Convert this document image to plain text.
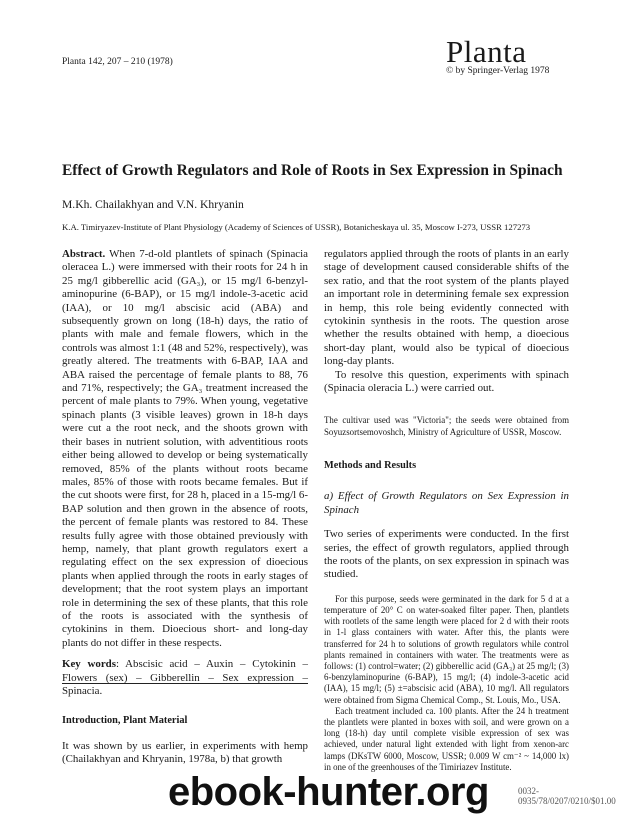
Planta 142, 207 – 210 (1978)	Planta
© by Springer-Verlag 1978
Effect of Growth Regulators and Role of Roots in Sex Expression in Spinach
M.Kh. Chailakhyan and V.N. Khryanin
K.A. Timiryazev-Institute of Plant Physiology (Academy of Sciences of USSR), Botanicheskaya ul. 35, Moscow I-273, USSR 127273

Abstract. When 7-d-old plantlets of spinach (Spinacia oleracea L.) were immersed with their roots for 24 h in 25 mg/l gibberellic acid (GA₃), or 15 mg/l 6-benzyl-aminopurine (6-BAP), or 15 mg/l indole-3-acetic acid (IAA), or 10 mg/l abscisic acid (ABA) and subsequently grown on long (18-h) days, the ratio of plants with male and female flowers, which in the controls was almost 1:1 (48 and 52%, respectively), was greatly altered. The treatments with 6-BAP, IAA and ABA raised the percentage of female plants to 88, 76 and 71%, respectively; the GA₃ treatment increased the percent of male plants to 79%. When young, vegetative spinach plants (3 visible leaves) grown in 18-h days were cut a the root neck, and the shoots grown with their bases in nutrient solution, with adventitious roots either being allowed to develop or being systematically removed, 85% of the plants without roots became males, 85% of those with roots became females. But if the cut shoots were first, for 28 h, placed in a 15-mg/l 6-BAP solution and then grown in the absence of roots, the percent of female plants was restored to 84. These results fully agree with those obtained previously with hemp, namely, that plant growth regulators exert a regulating effect on the sex expression of dioecious plants when applied through the roots in early stages of development; that the root system plays an important role in determining the sex of these plants, that this role of the roots is associated with the synthesis of cytokinins in them. Dioecious short- and long-day plants do not differ in these respects.

Key words: Abscisic acid – Auxin – Cytokinin – Flowers (sex) – Gibberellin – Sex expression – Spinacia.

Introduction, Plant Material
It was shown by us earlier, in experiments with hemp (Chailakhyan and Khryanin, 1978a, b) that growth

regulators applied through the roots of plants in an early stage of development caused considerable shifts of the sex ratio, and that the root system of the plants played an important role in determining female sex expression in hemp, this role being evidently connected with cytokinin synthesis in the roots. The question arose whether the results obtained with hemp, a dioecious short-day plant, would also be typical of dioecious long-day plants.

To resolve this question, experiments with spinach (Spinacia oleracia L.) were carried out.

The cultivar used was "Victoria"; the seeds were obtained from Soyuzsortsemovoshch, Ministry of Agriculture of USSR, Moscow.

Methods and Results

a) Effect of Growth Regulators on Sex Expression in Spinach

Two series of experiments were conducted. In the first series, the effect of growth regulators, applied through the roots of the plants, on sex expression in spinach was studied.

For this purpose, seeds were germinated in the dark for 5 d at a temperature of 20° C on water-soaked filter paper. Then, plantlets with rootlets of the same length were placed for 2 d with their roots in 1-l glass containers with water. After this, the plants were transferred for 24 h to solutions of growth regulators while control plants remained in containers with water. The treatments were as follows: (1) control=water; (2) gibberellic acid (GA₃) at 25 mg/l; (3) 6-benzylaminopurine (6-BAP), 15 mg/l; (4) indole-3-acetic acid (IAA), 15 mg/l; (5) ±=abscisic acid (ABA), 10 mg/l. All regulators were obtained from Sigma Chemical Comp., St. Louis, Mo., USA.

Each treatment included ca. 100 plants. After the 24 h treatment the plantlets were planted in boxes with soil, and were grown on a long (18-h) day until complete visible expression of sex was achieved, under natural light extended with light from xenon-arc lamps (DKsTW 6000, Moscow, USSR; 0.009 W cm⁻² ~ 14,000 lx) in one of the greenhouses of the Timiriazev Institute.

0032-0935/78/0207/0210/$01.00
ebook-hunter.org
